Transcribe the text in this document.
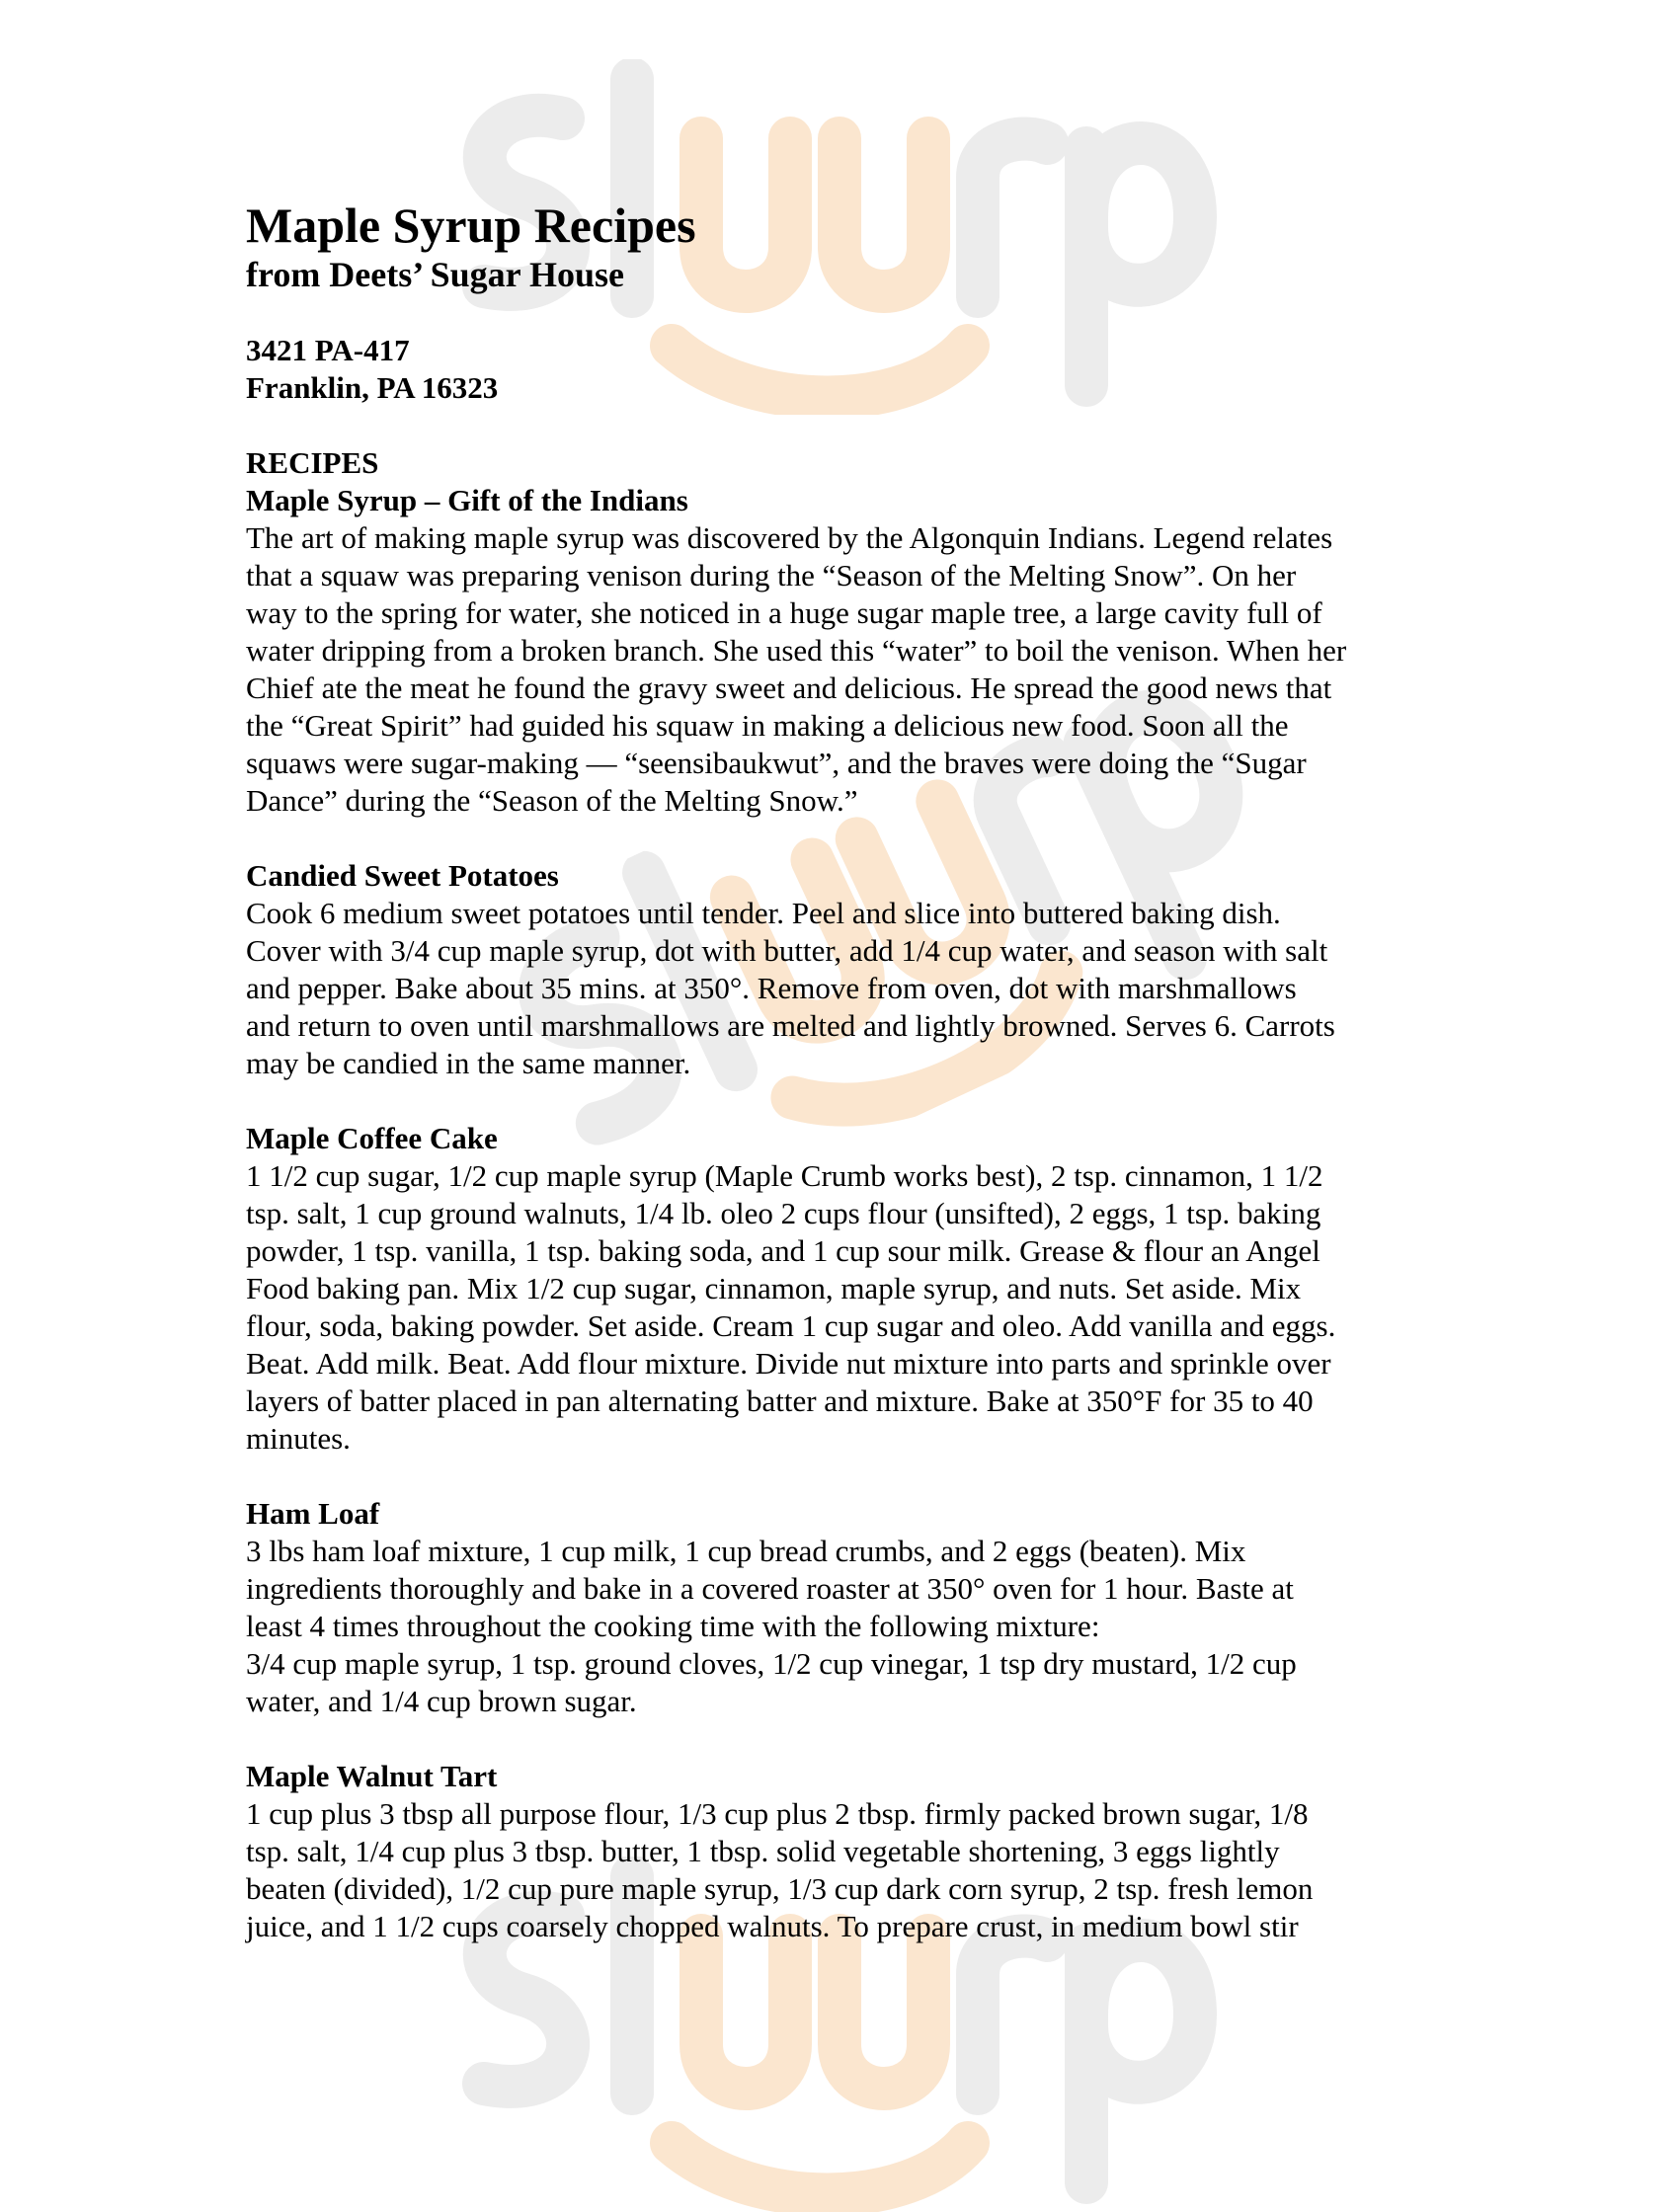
Maple Syrup Recipes
from Deets’ Sugar House
3421 PA-417
Franklin, PA 16323
RECIPES
Maple Syrup – Gift of the Indians
The art of making maple syrup was discovered by the Algonquin Indians. Legend relates
that a squaw was preparing venison during the “Season of the Melting Snow”. On her
way to the spring for water, she noticed in a huge sugar maple tree, a large cavity full of
water dripping from a broken branch. She used this “water” to boil the venison. When her
Chief ate the meat he found the gravy sweet and delicious. He spread the good news that
the “Great Spirit” had guided his squaw in making a delicious new food. Soon all the
squaws were sugar-making — “seensibaukwut”, and the braves were doing the “Sugar
Dance” during the “Season of the Melting Snow.”
Candied Sweet Potatoes
Cook 6 medium sweet potatoes until tender. Peel and slice into buttered baking dish.
Cover with 3/4 cup maple syrup, dot with butter, add 1/4 cup water, and season with salt
and pepper. Bake about 35 mins. at 350°. Remove from oven, dot with marshmallows
and return to oven until marshmallows are melted and lightly browned. Serves 6. Carrots
may be candied in the same manner.
Maple Coffee Cake
1 1/2 cup sugar, 1/2 cup maple syrup (Maple Crumb works best), 2 tsp. cinnamon, 1 1/2
tsp. salt, 1 cup ground walnuts, 1/4 lb. oleo 2 cups flour (unsifted), 2 eggs, 1 tsp. baking
powder, 1 tsp. vanilla, 1 tsp. baking soda, and 1 cup sour milk. Grease & flour an Angel
Food baking pan. Mix 1/2 cup sugar, cinnamon, maple syrup, and nuts. Set aside. Mix
flour, soda, baking powder. Set aside. Cream 1 cup sugar and oleo. Add vanilla and eggs.
Beat. Add milk. Beat. Add flour mixture. Divide nut mixture into parts and sprinkle over
layers of batter placed in pan alternating batter and mixture. Bake at 350°F for 35 to 40
minutes.
Ham Loaf
3 lbs ham loaf mixture, 1 cup milk, 1 cup bread crumbs, and 2 eggs (beaten). Mix
ingredients thoroughly and bake in a covered roaster at 350° oven for 1 hour. Baste at
least 4 times throughout the cooking time with the following mixture:
3/4 cup maple syrup, 1 tsp. ground cloves, 1/2 cup vinegar, 1 tsp dry mustard, 1/2 cup
water, and 1/4 cup brown sugar.
Maple Walnut Tart
1 cup plus 3 tbsp all purpose flour, 1/3 cup plus 2 tbsp. firmly packed brown sugar, 1/8
tsp. salt, 1/4 cup plus 3 tbsp. butter, 1 tbsp. solid vegetable shortening, 3 eggs lightly
beaten (divided), 1/2 cup pure maple syrup, 1/3 cup dark corn syrup, 2 tsp. fresh lemon
juice, and 1 1/2 cups coarsely chopped walnuts. To prepare crust, in medium bowl stir
